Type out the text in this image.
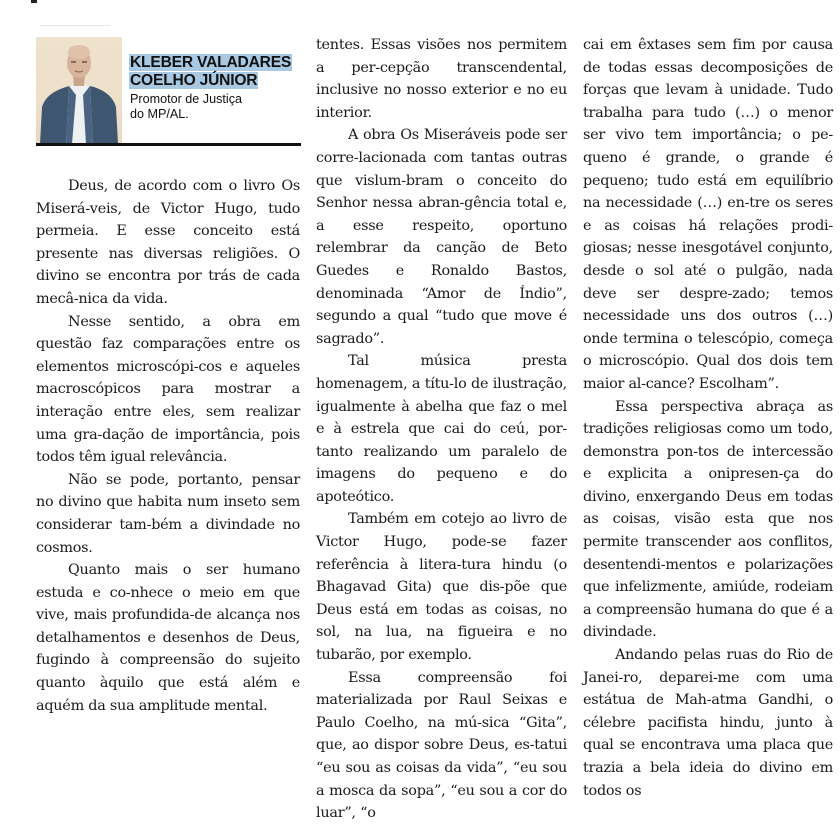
KLEBER VALADARES
COELHO JÚNIOR
Promotor de Justiça
do MP/AL.

Deus, de acordo com o livro Os Miserá-veis, de Victor Hugo, tudo permeia. E esse conceito está presente nas diversas religiões. O divino se encontra por trás de cada mecâ-nica da vida.

Nesse sentido, a obra em questão faz comparações entre os elementos microscópi-cos e aqueles macroscópicos para mostrar a interação entre eles, sem realizar uma gra-dação de importância, pois todos têm igual relevância.

Não se pode, portanto, pensar no divino que habita num inseto sem considerar tam-bém a divindade no cosmos.

Quanto mais o ser humano estuda e co-nhece o meio em que vive, mais profundida-de alcança nos detalhamentos e desenhos de Deus, fugindo à compreensão do sujeito quanto àquilo que está além e aquém da sua amplitude mental.

tentes. Essas visões nos permitem a per-cepção transcendental, inclusive no nosso exterior e no eu interior.

A obra Os Miseráveis pode ser corre-lacionada com tantas outras que vislum-bram o conceito do Senhor nessa abran-gência total e, a esse respeito, oportuno relembrar da canção de Beto Guedes e Ronaldo Bastos, denominada “Amor de Índio”, segundo a qual “tudo que move é sagrado”.

Tal música presta homenagem, a títu-lo de ilustração, igualmente à abelha que faz o mel e à estrela que cai do ceú, por-tanto realizando um paralelo de imagens do pequeno e do apoteótico.

Também em cotejo ao livro de Victor Hugo, pode-se fazer referência à litera-tura hindu (o Bhagavad Gita) que dis-põe que Deus está em todas as coisas, no sol, na lua, na figueira e no tubarão, por exemplo.

Essa compreensão foi materializada por Raul Seixas e Paulo Coelho, na mú-sica “Gita”, que, ao dispor sobre Deus, es-tatui “eu sou as coisas da vida”, “eu sou a mosca da sopa”, “eu sou a cor do luar”, “o

cai em êxtases sem fim por causa de todas essas decomposições de forças que levam à unidade. Tudo trabalha para tudo (…) o menor ser vivo tem importância; o pe-queno é grande, o grande é pequeno; tudo está em equilíbrio na necessidade (…) en-tre os seres e as coisas há relações prodi-giosas; nesse inesgotável conjunto, desde o sol até o pulgão, nada deve ser despre-zado; temos necessidade uns dos outros (…) onde termina o telescópio, começa o microscópio. Qual dos dois tem maior al-cance? Escolham”.

Essa perspectiva abraça as tradições religiosas como um todo, demonstra pon-tos de intercessão e explicita a onipresen-ça do divino, enxergando Deus em todas as coisas, visão esta que nos permite transcender aos conflitos, desentendi-mentos e polarizações que infelizmente, amiúde, rodeiam a compreensão humana do que é a divindade.

Andando pelas ruas do Rio de Janei-ro, deparei-me com uma estátua de Mah-atma Gandhi, o célebre pacifista hindu, junto à qual se encontrava uma placa que trazia a bela ideia do divino em todos os
